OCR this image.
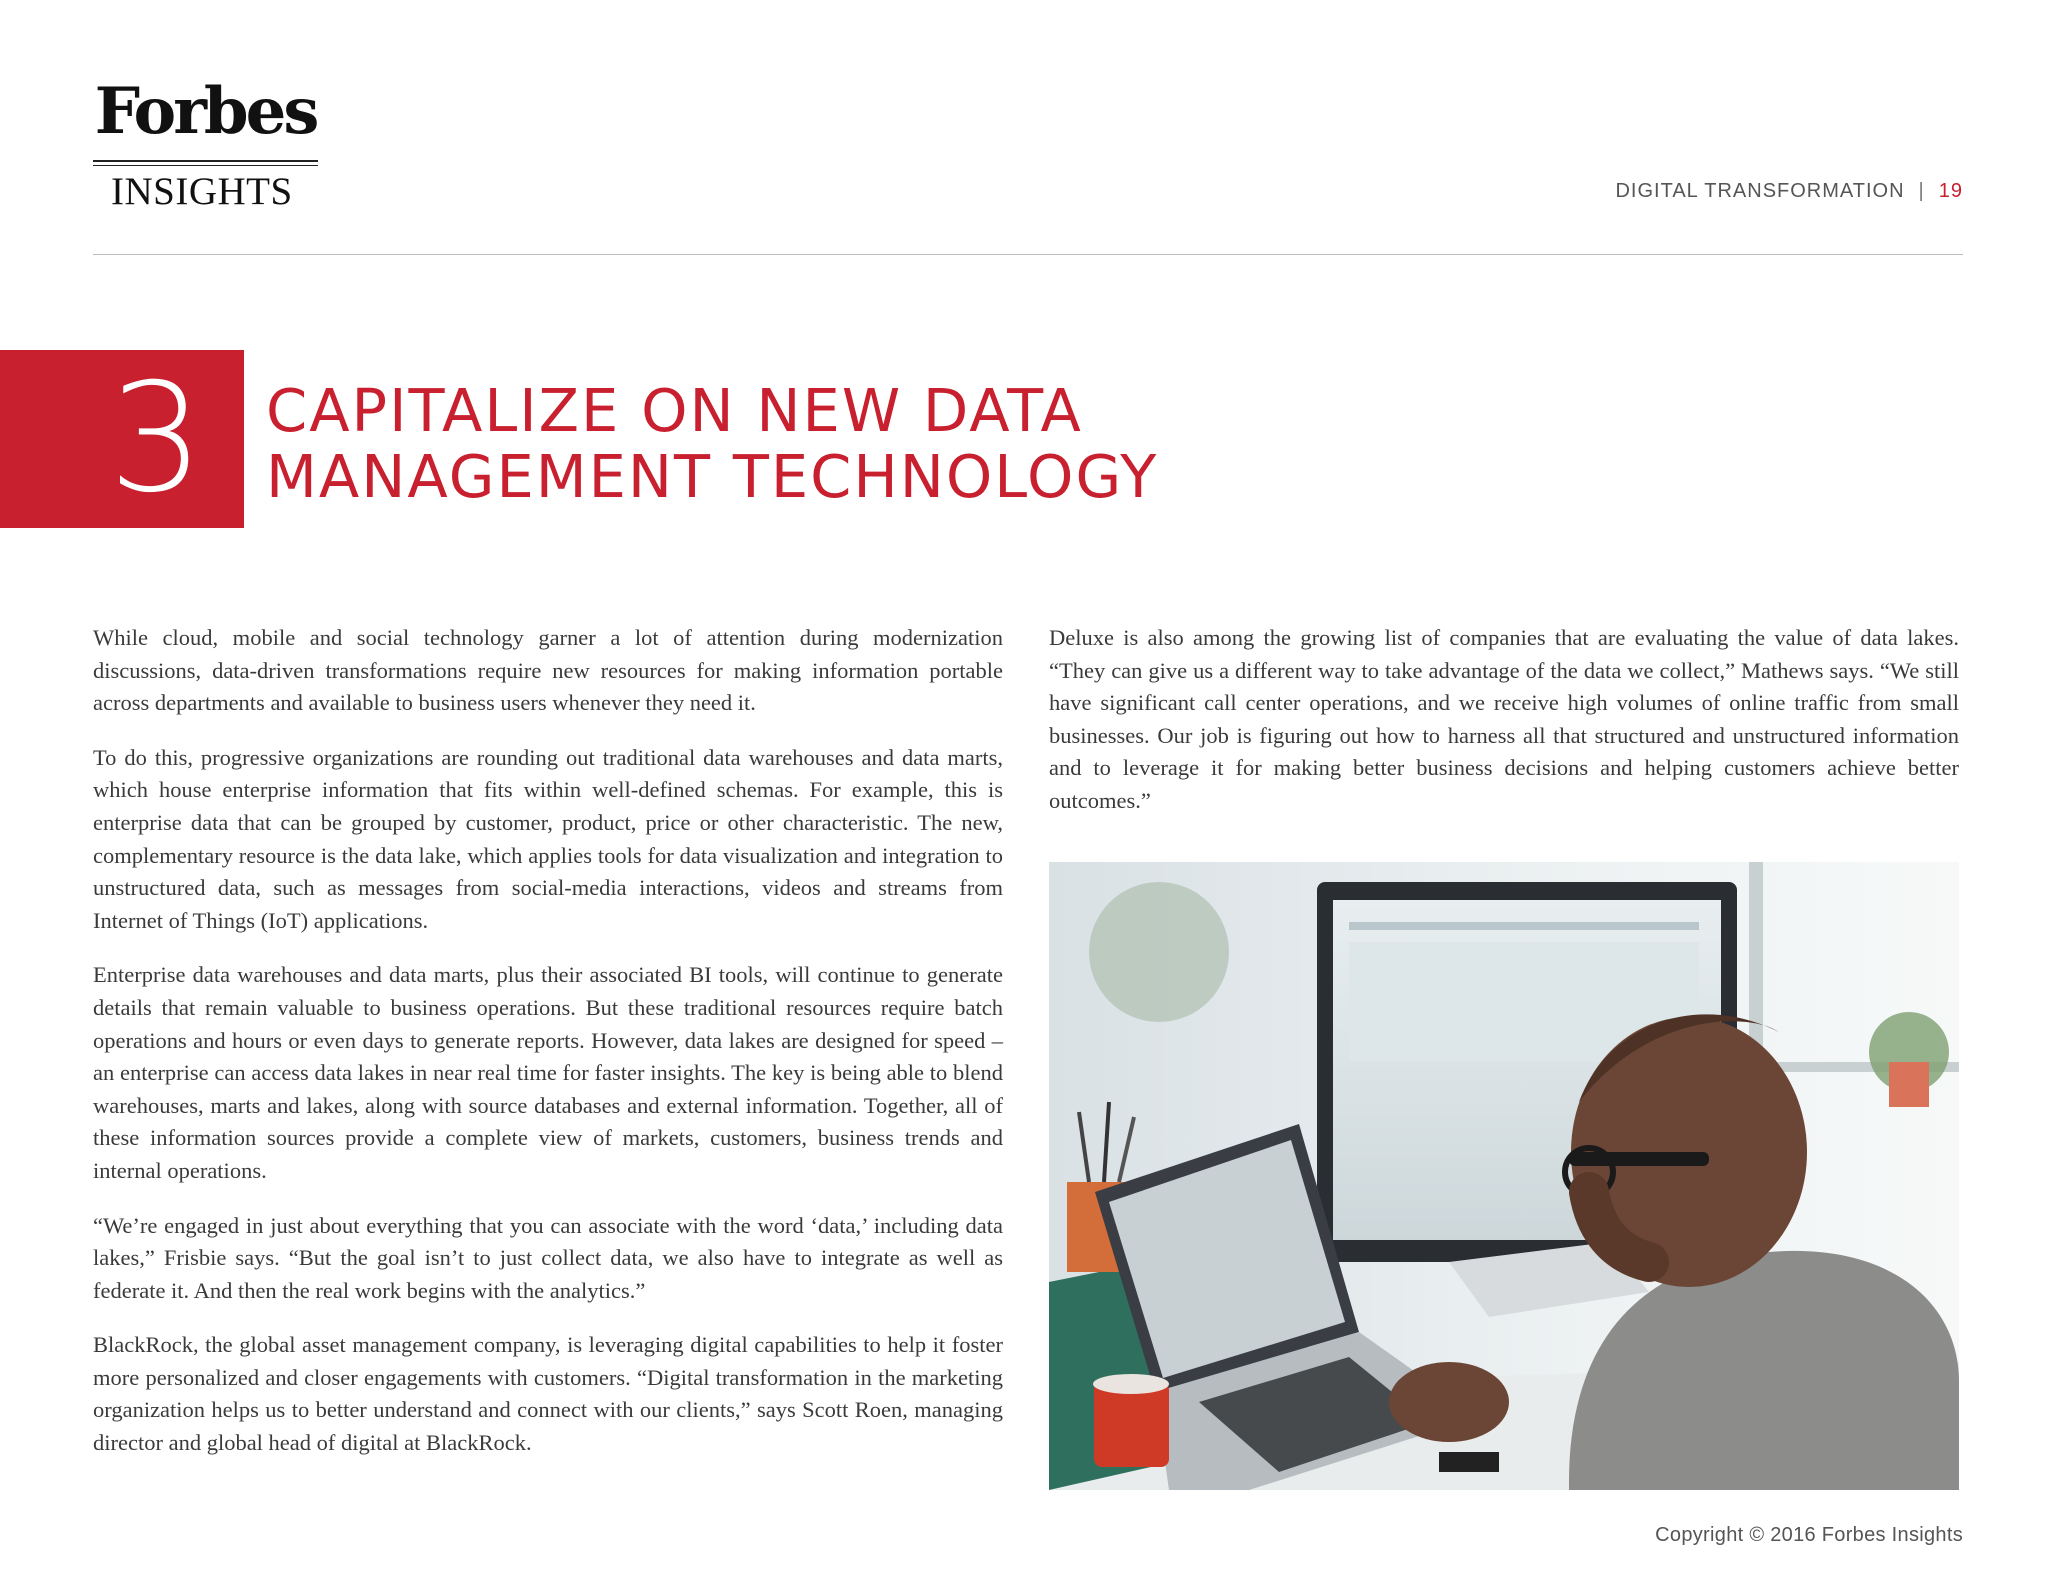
Forbes
INSIGHTS	DIGITAL TRANSFORMATION | 19
3	CAPITALIZE ON NEW DATA
MANAGEMENT TECHNOLOGY

While cloud, mobile and social technology garner a lot of attention during modernization discussions, data-driven transformations require new resources for making information portable across departments and available to business users whenever they need it.

To do this, progressive organizations are rounding out traditional data warehouses and data marts, which house enterprise information that fits within well-defined schemas. For example, this is enterprise data that can be grouped by customer, product, price or other characteristic. The new, complementary resource is the data lake, which applies tools for data visualization and integration to unstructured data, such as messages from social-media interactions, videos and streams from Internet of Things (IoT) applications.

Enterprise data warehouses and data marts, plus their associated BI tools, will continue to generate details that remain valuable to business operations. But these traditional resources require batch operations and hours or even days to generate reports. However, data lakes are designed for speed – an enterprise can access data lakes in near real time for faster insights. The key is being able to blend warehouses, marts and lakes, along with source databases and external information. Together, all of these information sources provide a complete view of markets, customers, business trends and internal operations.

“We’re engaged in just about everything that you can associate with the word ‘data,’ including data lakes,” Frisbie says. “But the goal isn’t to just collect data, we also have to integrate as well as federate it. And then the real work begins with the analytics.”

BlackRock, the global asset management company, is leveraging digital capabilities to help it foster more personalized and closer engagements with customers. “Digital transformation in the marketing organization helps us to better understand and connect with our clients,” says Scott Roen, managing director and global head of digital at BlackRock.

Deluxe is also among the growing list of companies that are evaluating the value of data lakes. “They can give us a different way to take advantage of the data we collect,” Mathews says. “We still have significant call center operations, and we receive high volumes of online traffic from small businesses. Our job is figuring out how to harness all that structured and unstructured information and to leverage it for making better business decisions and helping customers achieve better outcomes.”

Copyright © 2016 Forbes Insights
